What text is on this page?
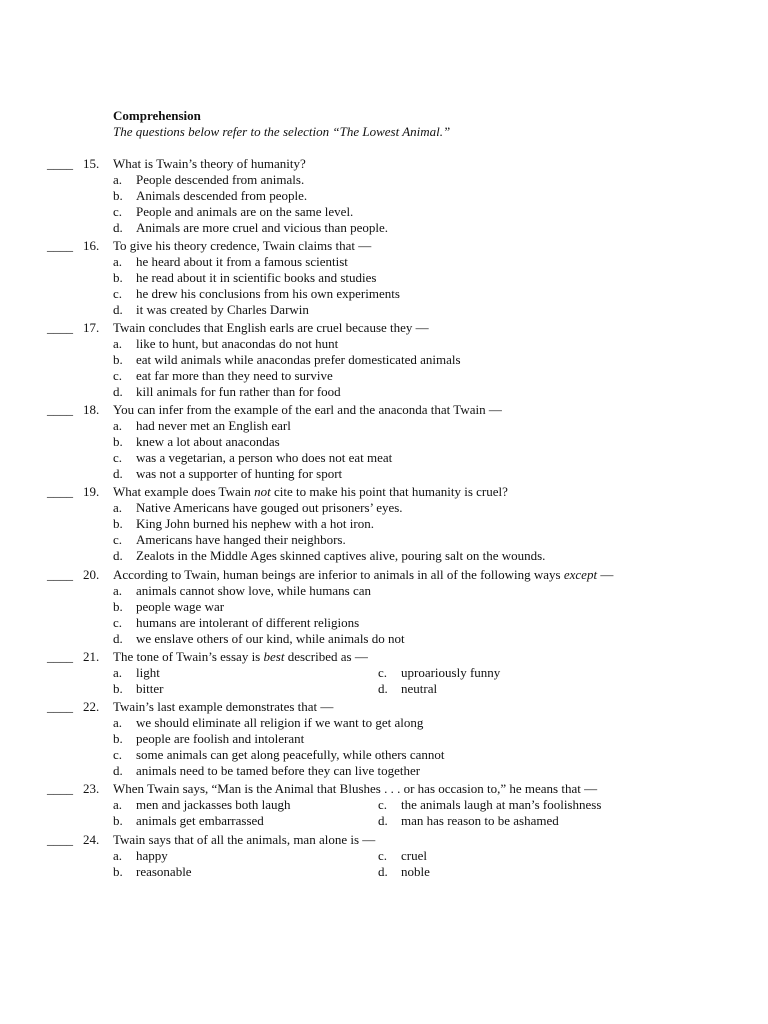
Comprehension
The questions below refer to the selection “The Lowest Animal.”
____ 15. What is Twain’s theory of humanity?
a. People descended from animals.
b. Animals descended from people.
c. People and animals are on the same level.
d. Animals are more cruel and vicious than people.
____ 16. To give his theory credence, Twain claims that —
a. he heard about it from a famous scientist
b. he read about it in scientific books and studies
c. he drew his conclusions from his own experiments
d. it was created by Charles Darwin
____ 17. Twain concludes that English earls are cruel because they —
a. like to hunt, but anacondas do not hunt
b. eat wild animals while anacondas prefer domesticated animals
c. eat far more than they need to survive
d. kill animals for fun rather than for food
____ 18. You can infer from the example of the earl and the anaconda that Twain —
a. had never met an English earl
b. knew a lot about anacondas
c. was a vegetarian, a person who does not eat meat
d. was not a supporter of hunting for sport
____ 19. What example does Twain not cite to make his point that humanity is cruel?
a. Native Americans have gouged out prisoners’ eyes.
b. King John burned his nephew with a hot iron.
c. Americans have hanged their neighbors.
d. Zealots in the Middle Ages skinned captives alive, pouring salt on the wounds.
____ 20. According to Twain, human beings are inferior to animals in all of the following ways except —
a. animals cannot show love, while humans can
b. people wage war
c. humans are intolerant of different religions
d. we enslave others of our kind, while animals do not
____ 21. The tone of Twain’s essay is best described as —
a. light	c. uproariously funny
b. bitter	d. neutral
____ 22. Twain’s last example demonstrates that —
a. we should eliminate all religion if we want to get along
b. people are foolish and intolerant
c. some animals can get along peacefully, while others cannot
d. animals need to be tamed before they can live together
____ 23. When Twain says, “Man is the Animal that Blushes . . . or has occasion to,” he means that —
a. men and jackasses both laugh	c. the animals laugh at man’s foolishness
b. animals get embarrassed	d. man has reason to be ashamed
____ 24. Twain says that of all the animals, man alone is —
a. happy	c. cruel
b. reasonable	d. noble
